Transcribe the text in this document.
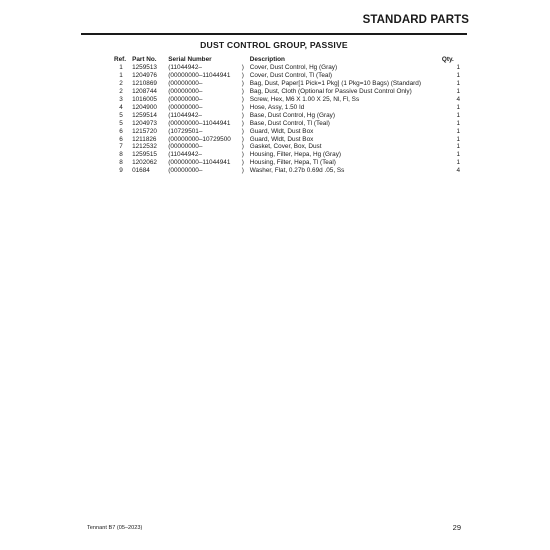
STANDARD PARTS
DUST CONTROL GROUP, PASSIVE
Ref.	Part No.	Serial Number		Description	Qty.
1	1259513	(11044942–	)	Cover, Dust Control, Hg (Gray)	1
1	1204976	(00000000–11044941	)	Cover, Dust Control, Tl (Teal)	1
2	1210869	(00000000–	)	Bag, Dust, Paper[1 Pick=1 Pkg] (1 Pkg=10 Bags) (Standard)	1
2	1208744	(00000000–	)	Bag, Dust, Cloth (Optional for Passive Dust Control Only)	1
3	1016005	(00000000–	)	Screw, Hex, M6 X 1.00 X 25, Nl, Fl, Ss	4
4	1204900	(00000000–	)	Hose, Assy, 1.50 Id	1
5	1259514	(11044942–	)	Base, Dust Control, Hg (Gray)	1
5	1204973	(00000000–11044941	)	Base, Dust Control, Tl (Teal)	1
6	1215720	(10729501–	)	Guard, Wldt, Dust Box	1
6	1211826	(00000000–10729500	)	Guard, Wldt, Dust Box	1
7	1212532	(00000000–	)	Gasket, Cover, Box, Dust	1
8	1259515	(11044942–	)	Housing, Filter, Hepa, Hg (Gray)	1
8	1202062	(00000000–11044941	)	Housing, Filter, Hepa, Tl (Teal)	1
9	01684	(00000000–	)	Washer, Flat, 0.27b 0.69d .05, Ss	4
Tennant B7 (05–2023)	29
